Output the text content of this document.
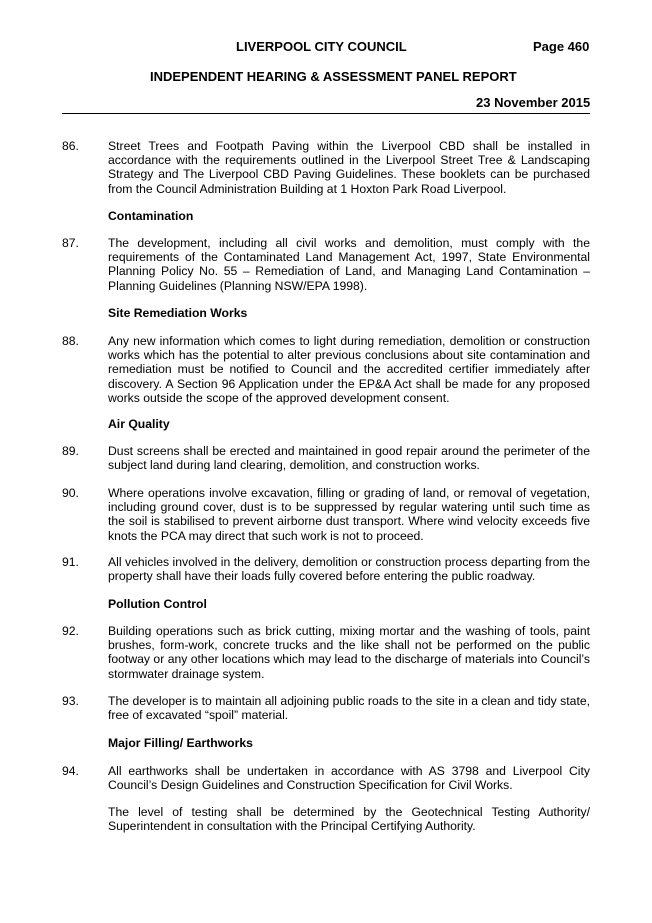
LIVERPOOL CITY COUNCIL	Page 460
INDEPENDENT HEARING & ASSESSMENT PANEL REPORT
23 November 2015
86.	Street Trees and Footpath Paving within the Liverpool CBD shall be installed in accordance with the requirements outlined in the Liverpool Street Tree & Landscaping Strategy and The Liverpool CBD Paving Guidelines. These booklets can be purchased from the Council Administration Building at 1 Hoxton Park Road Liverpool.
Contamination
87.	The development, including all civil works and demolition, must comply with the requirements of the Contaminated Land Management Act, 1997, State Environmental Planning Policy No. 55 – Remediation of Land, and Managing Land Contamination – Planning Guidelines (Planning NSW/EPA 1998).
Site Remediation Works
88.	Any new information which comes to light during remediation, demolition or construction works which has the potential to alter previous conclusions about site contamination and remediation must be notified to Council and the accredited certifier immediately after discovery. A Section 96 Application under the EP&A Act shall be made for any proposed works outside the scope of the approved development consent.
Air Quality
89.	Dust screens shall be erected and maintained in good repair around the perimeter of the subject land during land clearing, demolition, and construction works.
90.	Where operations involve excavation, filling or grading of land, or removal of vegetation, including ground cover, dust is to be suppressed by regular watering until such time as the soil is stabilised to prevent airborne dust transport. Where wind velocity exceeds five knots the PCA may direct that such work is not to proceed.
91.	All vehicles involved in the delivery, demolition or construction process departing from the property shall have their loads fully covered before entering the public roadway.
Pollution Control
92.	Building operations such as brick cutting, mixing mortar and the washing of tools, paint brushes, form-work, concrete trucks and the like shall not be performed on the public footway or any other locations which may lead to the discharge of materials into Council’s stormwater drainage system.
93.	The developer is to maintain all adjoining public roads to the site in a clean and tidy state, free of excavated “spoil” material.
Major Filling/ Earthworks
94.	All earthworks shall be undertaken in accordance with AS 3798 and Liverpool City Council’s Design Guidelines and Construction Specification for Civil Works.
The level of testing shall be determined by the Geotechnical Testing Authority/ Superintendent in consultation with the Principal Certifying Authority.
